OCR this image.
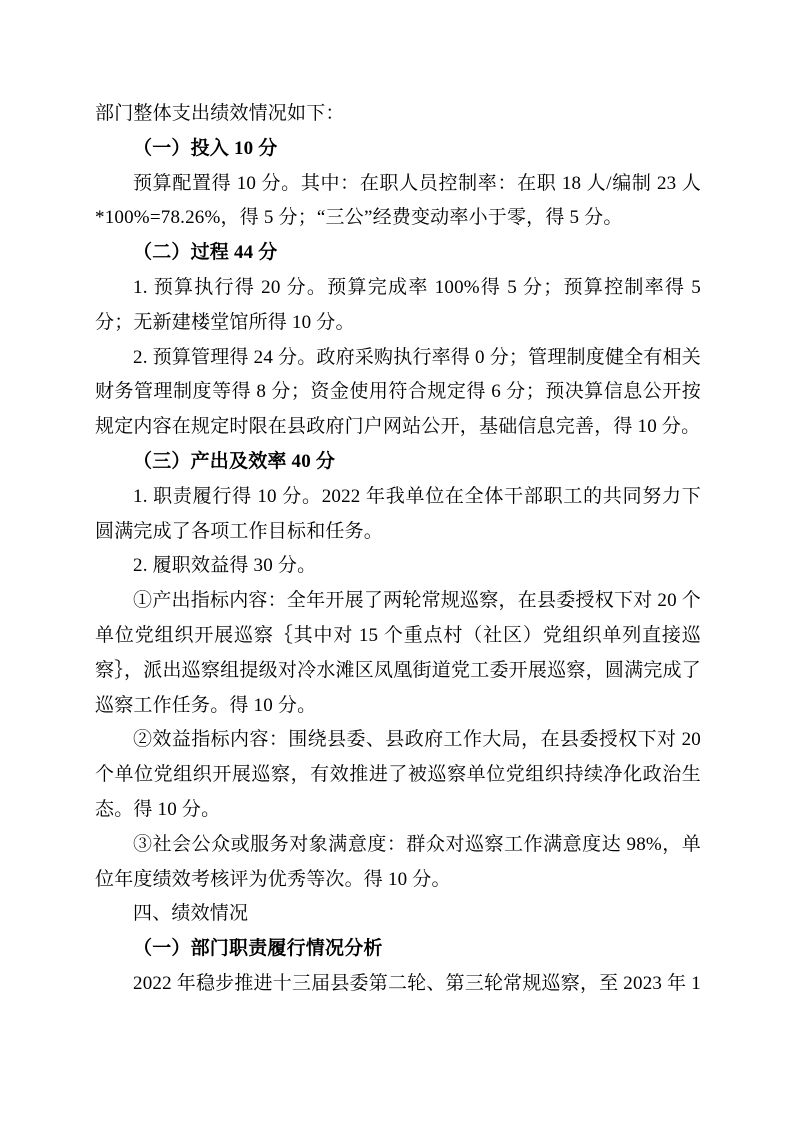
部门整体支出绩效情况如下：

（一）投入 10 分

预算配置得 10 分。其中：在职人员控制率：在职 18 人/编制 23 人*100%=78.26%，得 5 分；“三公”经费变动率小于零，得 5 分。

（二）过程 44 分

1. 预算执行得 20 分。预算完成率 100%得 5 分；预算控制率得 5 分；无新建楼堂馆所得 10 分。

2. 预算管理得 24 分。政府采购执行率得 0 分；管理制度健全有相关财务管理制度等得 8 分；资金使用符合规定得 6 分；预决算信息公开按规定内容在规定时限在县政府门户网站公开，基础信息完善，得 10 分。

（三）产出及效率 40 分

1. 职责履行得 10 分。2022 年我单位在全体干部职工的共同努力下圆满完成了各项工作目标和任务。

2. 履职效益得 30 分。

①产出指标内容：全年开展了两轮常规巡察，在县委授权下对 20 个单位党组织开展巡察｛其中对 15 个重点村（社区）党组织单列直接巡察｝，派出巡察组提级对冷水滩区凤凰街道党工委开展巡察，圆满完成了巡察工作任务。得 10 分。

②效益指标内容：围绕县委、县政府工作大局，在县委授权下对 20 个单位党组织开展巡察，有效推进了被巡察单位党组织持续净化政治生态。得 10 分。

③社会公众或服务对象满意度：群众对巡察工作满意度达 98%，单位年度绩效考核评为优秀等次。得 10 分。

四、绩效情况

（一）部门职责履行情况分析

2022 年稳步推进十三届县委第二轮、第三轮常规巡察，至 2023 年 1
